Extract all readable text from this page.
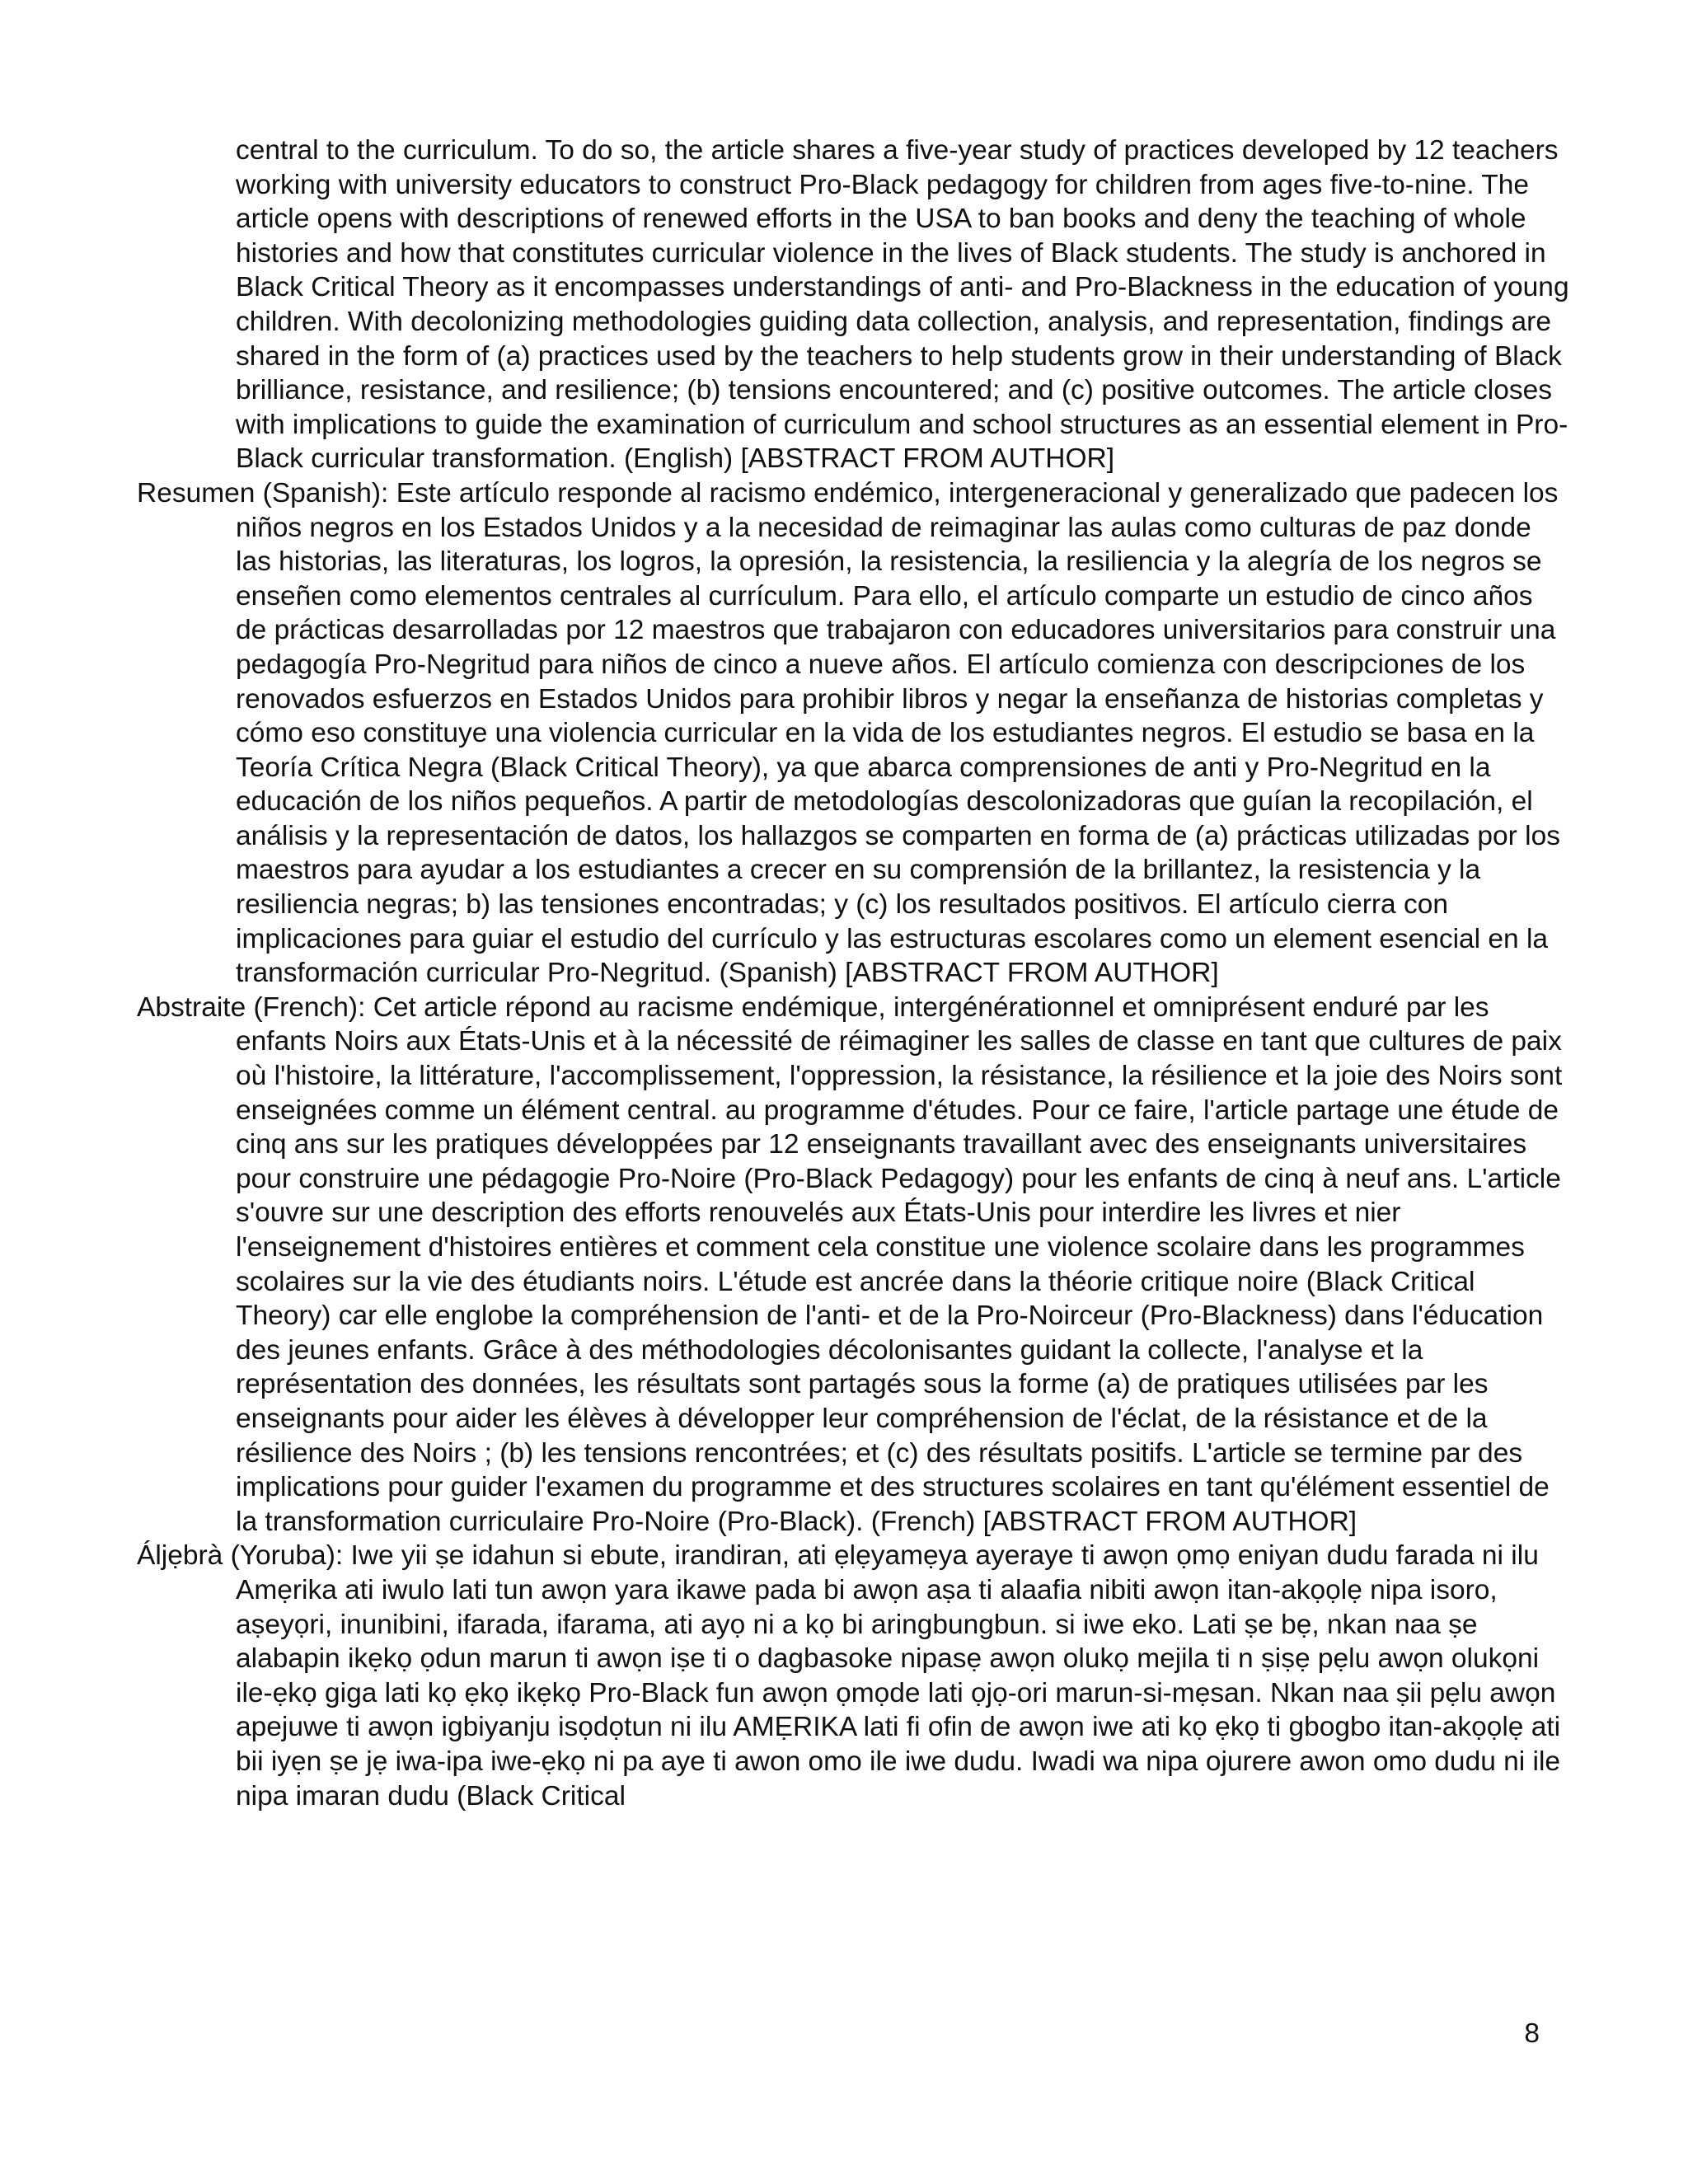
central to the curriculum. To do so, the article shares a five-year study of practices developed by 12 teachers working with university educators to construct Pro-Black pedagogy for children from ages five-to-nine. The article opens with descriptions of renewed efforts in the USA to ban books and deny the teaching of whole histories and how that constitutes curricular violence in the lives of Black students. The study is anchored in Black Critical Theory as it encompasses understandings of anti- and Pro-Blackness in the education of young children. With decolonizing methodologies guiding data collection, analysis, and representation, findings are shared in the form of (a) practices used by the teachers to help students grow in their understanding of Black brilliance, resistance, and resilience; (b) tensions encountered; and (c) positive outcomes. The article closes with implications to guide the examination of curriculum and school structures as an essential element in Pro-Black curricular transformation. (English) [ABSTRACT FROM AUTHOR]

Resumen (Spanish): Este artículo responde al racismo endémico, intergeneracional y generalizado que padecen los niños negros en los Estados Unidos y a la necesidad de reimaginar las aulas como culturas de paz donde las historias, las literaturas, los logros, la opresión, la resistencia, la resiliencia y la alegría de los negros se enseñen como elementos centrales al currículum. Para ello, el artículo comparte un estudio de cinco años de prácticas desarrolladas por 12 maestros que trabajaron con educadores universitarios para construir una pedagogía Pro-Negritud para niños de cinco a nueve años. El artículo comienza con descripciones de los renovados esfuerzos en Estados Unidos para prohibir libros y negar la enseñanza de historias completas y cómo eso constituye una violencia curricular en la vida de los estudiantes negros. El estudio se basa en la Teoría Crítica Negra (Black Critical Theory), ya que abarca comprensiones de anti y Pro-Negritud en la educación de los niños pequeños. A partir de metodologías descolonizadoras que guían la recopilación, el análisis y la representación de datos, los hallazgos se comparten en forma de (a) prácticas utilizadas por los maestros para ayudar a los estudiantes a crecer en su comprensión de la brillantez, la resistencia y la resiliencia negras; b) las tensiones encontradas; y (c) los resultados positivos. El artículo cierra con implicaciones para guiar el estudio del currículo y las estructuras escolares como un element esencial en la transformación curricular Pro-Negritud. (Spanish) [ABSTRACT FROM AUTHOR]

Abstraite (French): Cet article répond au racisme endémique, intergénérationnel et omniprésent enduré par les enfants Noirs aux États-Unis et à la nécessité de réimaginer les salles de classe en tant que cultures de paix où l'histoire, la littérature, l'accomplissement, l'oppression, la résistance, la résilience et la joie des Noirs sont enseignées comme un élément central. au programme d'études. Pour ce faire, l'article partage une étude de cinq ans sur les pratiques développées par 12 enseignants travaillant avec des enseignants universitaires pour construire une pédagogie Pro-Noire (Pro-Black Pedagogy) pour les enfants de cinq à neuf ans. L'article s'ouvre sur une description des efforts renouvelés aux États-Unis pour interdire les livres et nier l'enseignement d'histoires entières et comment cela constitue une violence scolaire dans les programmes scolaires sur la vie des étudiants noirs. L'étude est ancrée dans la théorie critique noire (Black Critical Theory) car elle englobe la compréhension de l'anti- et de la Pro-Noirceur (Pro-Blackness) dans l'éducation des jeunes enfants. Grâce à des méthodologies décolonisantes guidant la collecte, l'analyse et la représentation des données, les résultats sont partagés sous la forme (a) de pratiques utilisées par les enseignants pour aider les élèves à développer leur compréhension de l'éclat, de la résistance et de la résilience des Noirs ; (b) les tensions rencontrées; et (c) des résultats positifs. L'article se termine par des implications pour guider l'examen du programme et des structures scolaires en tant qu'élément essentiel de la transformation curriculaire Pro-Noire (Pro-Black). (French) [ABSTRACT FROM AUTHOR]

Áljẹbrà (Yoruba): Iwe yii ṣe idahun si ebute, irandiran, ati ẹlẹyamẹya ayeraye ti awọn ọmọ eniyan dudu farada ni ilu Amẹrika ati iwulo lati tun awọn yara ikawe pada bi awọn aṣa ti alaafia nibiti awọn itan-akọọlẹ nipa isoro, aṣeyọri, inunibini, ifarada, ifarama, ati ayọ ni a kọ bi aringbungbun. si iwe eko. Lati ṣe bẹ, nkan naa ṣe alabapin ikẹkọ ọdun marun ti awọn iṣe ti o dagbasoke nipasẹ awọn olukọ mejila ti n ṣiṣẹ pẹlu awọn olukọni ile-ẹkọ giga lati kọ ẹkọ ikẹkọ Pro-Black fun awọn ọmọde lati ọjọ-ori marun-si-mẹsan. Nkan naa ṣii pẹlu awọn apejuwe ti awọn igbiyanju isọdọtun ni ilu AMẸRIKA lati fi ofin de awọn iwe ati kọ ẹkọ ti gbogbo itan-akọọlẹ ati bii iyẹn ṣe jẹ iwa-ipa iwe-ẹkọ ni pa aye ti awon omo ile iwe dudu. Iwadi wa nipa ojurere awon omo dudu ni ile nipa imaran dudu (Black Critical

8
